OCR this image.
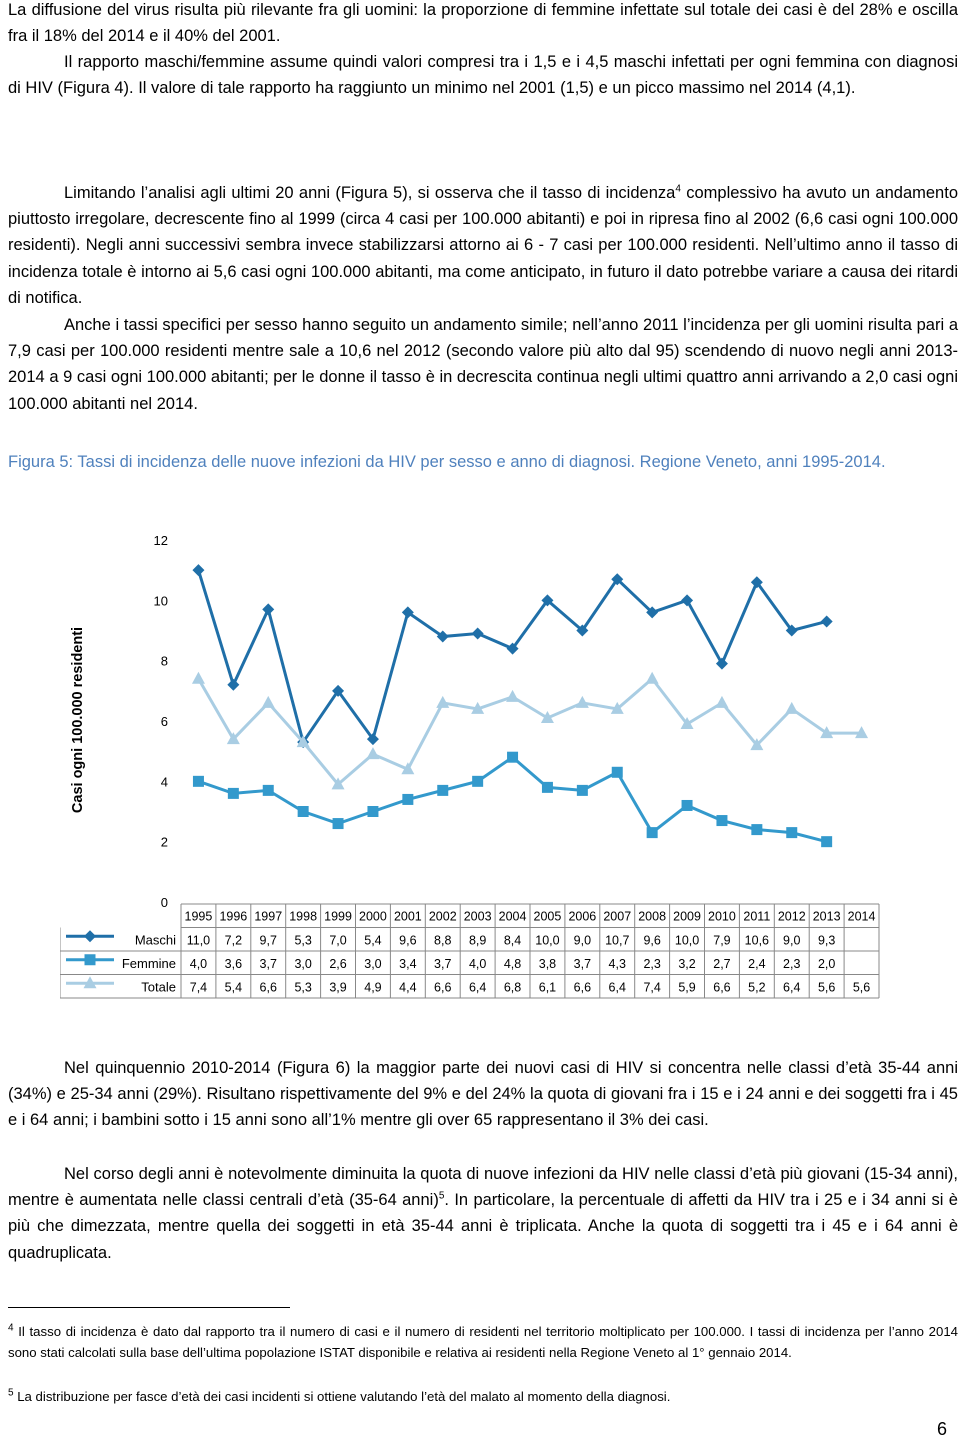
La diffusione del virus risulta più rilevante fra gli uomini: la proporzione di femmine infettate sul totale dei casi è del 28% e oscilla fra il 18% del 2014 e il 40% del 2001.

Il rapporto maschi/femmine assume quindi valori compresi tra i 1,5 e i 4,5 maschi infettati per ogni femmina con diagnosi di HIV (Figura 4). Il valore di tale rapporto ha raggiunto un minimo nel 2001 (1,5) e un picco massimo nel 2014 (4,1).

Limitando l’analisi agli ultimi 20 anni (Figura 5), si osserva che il tasso di incidenza$^4$ complessivo ha avuto un andamento piuttosto irregolare, decrescente fino al 1999 (circa 4 casi per 100.000 abitanti) e poi in ripresa fino al 2002 (6,6 casi ogni 100.000 residenti). Negli anni successivi sembra invece stabilizzarsi attorno ai 6 - 7 casi per 100.000 residenti. Nell’ultimo anno il tasso di incidenza totale è intorno ai 5,6 casi ogni 100.000 abitanti, ma come anticipato, in futuro il dato potrebbe variare a causa dei ritardi di notifica.

Anche i tassi specifici per sesso hanno seguito un andamento simile; nell’anno 2011 l’incidenza per gli uomini risulta pari a 7,9 casi per 100.000 residenti mentre sale a 10,6 nel 2012 (secondo valore più alto dal 95) scendendo di nuovo negli anni 2013-2014 a 9 casi ogni 100.000 abitanti; per le donne il tasso è in decrescita continua negli ultimi quattro anni arrivando a 2,0 casi ogni 100.000 abitanti nel 2014.

Figura 5: Tassi di incidenza delle nuove infezioni da HIV per sesso e anno di diagnosi. Regione Veneto, anni 1995-2014.
Casi ogni 100.000 residenti
0
2
4
6
8
10
12
1995 1996 1997 1998 1999 2000 2001 2002 2003 2004 2005 2006 2007 2008 2009 2010 2011 2012 2013 2014
Maschi 11,0 7,2 9,7 5,3 7,0 5,4 9,6 8,8 8,9 8,4 10,0 9,0 10,7 9,6 10,0 7,9 10,6 9,0 9,3
Femmine 4,0 3,6 3,7 3,0 2,6 3,0 3,4 3,7 4,0 4,8 3,8 3,7 4,3 2,3 3,2 2,7 2,4 2,3 2,0
Totale 7,4 5,4 6,6 5,3 3,9 4,9 4,4 6,6 6,4 6,8 6,1 6,6 6,4 7,4 5,9 6,6 5,2 6,4 5,6 5,6

Nel quinquennio 2010-2014 (Figura 6) la maggior parte dei nuovi casi di HIV si concentra nelle classi d’età 35-44 anni (34%) e 25-34 anni (29%). Risultano rispettivamente del 9% e del 24% la quota di giovani fra i 15 e i 24 anni e dei soggetti fra i 45 e i 64 anni; i bambini sotto i 15 anni sono all’1% mentre gli over 65 rappresentano il 3% dei casi.

Nel corso degli anni è notevolmente diminuita la quota di nuove infezioni da HIV nelle classi d’età più giovani (15-34 anni), mentre è aumentata nelle classi centrali d’età (35-64 anni)$^5$. In particolare, la percentuale di affetti da HIV tra i 25 e i 34 anni si è più che dimezzata, mentre quella dei soggetti in età 35-44 anni è triplicata. Anche la quota di soggetti tra i 45 e i 64 anni è quadruplicata.

$^4$ Il tasso di incidenza è dato dal rapporto tra il numero di casi e il numero di residenti nel territorio moltiplicato per 100.000. I tassi di incidenza per l’anno 2014 sono stati calcolati sulla base dell’ultima popolazione ISTAT disponibile e relativa ai residenti nella Regione Veneto al 1° gennaio 2014.
$^5$ La distribuzione per fasce d’età dei casi incidenti si ottiene valutando l’età del malato al momento della diagnosi.
6
